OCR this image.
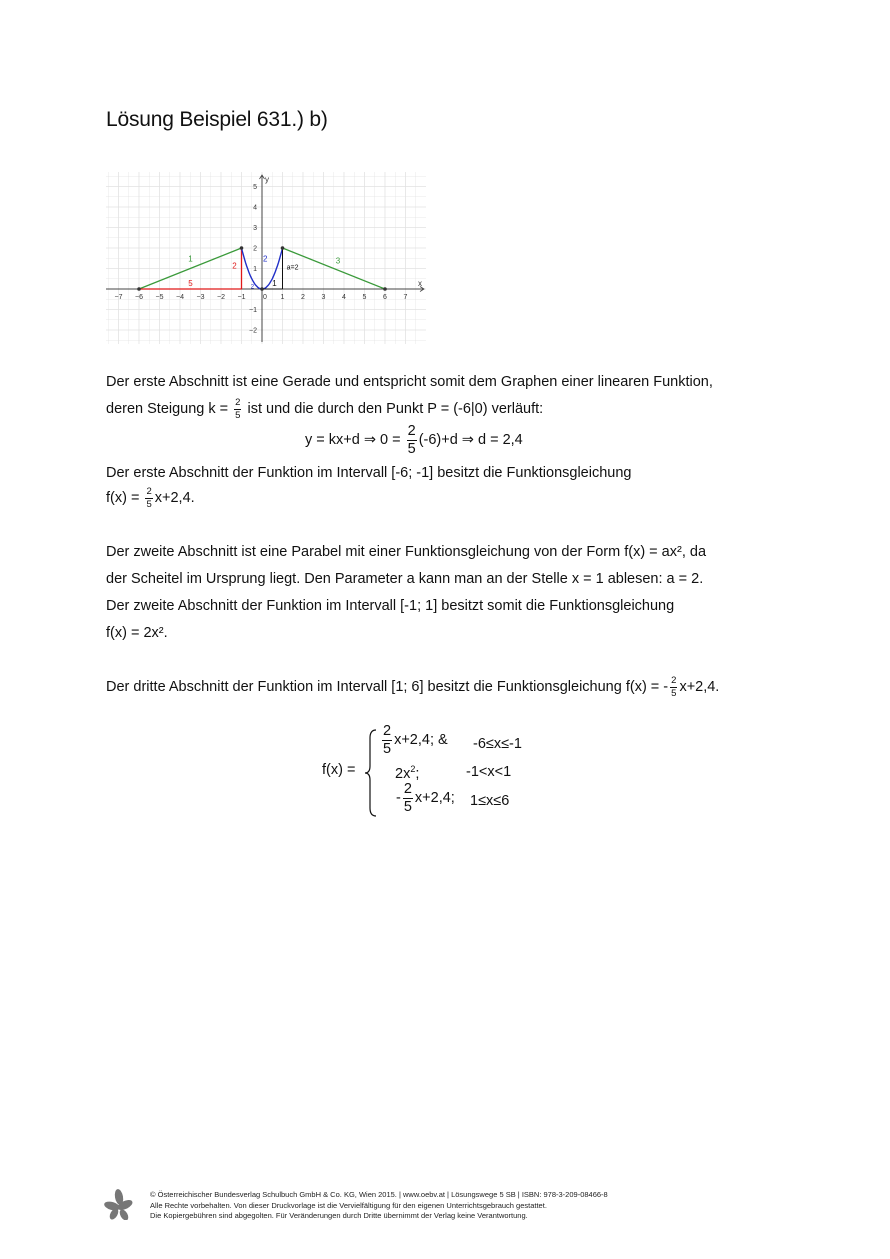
Lösung Beispiel 631.) b)
−7 −6 −5 −4 −3 −2 −1	0 1 2 3 4 5 6 7
1
2
3
4
5
−1
−2
x
y
1
2
5
2
1
2
a=2
3
Der erste Abschnitt ist eine Gerade und entspricht somit dem Graphen einer linearen Funktion,
deren Steigung $k = \frac{2}{5}$ ist und die durch den Punkt P = (-6|0) verläuft:
y = kx+d ⇒ $0 = \frac{2}{5} (-6)+d$ ⇒ d = 2,4
Der erste Abschnitt der Funktion im Intervall [-6; -1] besitzt die Funktionsgleichung
$f(x) = \frac{2}{5} x+2,4$.
Der zweite Abschnitt ist eine Parabel mit einer Funktionsgleichung von der Form f(x) = ax², da
der Scheitel im Ursprung liegt. Den Parameter a kann man an der Stelle x = 1 ablesen: a = 2.
Der zweite Abschnitt der Funktion im Intervall [-1; 1] besitzt somit die Funktionsgleichung
f(x) = 2x².
Der dritte Abschnitt der Funktion im Intervall [1; 6] besitzt die Funktionsgleichung f(x) = - $\frac{2}{5} x+2,4$.
f(x) =
$\frac{2}{5} x+2,4$; & -6≤x≤-1
$2x^2$;	-1<x<1
- $\frac{2}{5} x+2,4$; 1≤x≤6
© Österreichischer Bundesverlag Schulbuch GmbH & Co. KG, Wien 2015. | www.oebv.at | Lösungswege 5 SB | ISBN: 978-3-209-08466-8
Alle Rechte vorbehalten. Von dieser Druckvorlage ist die Vervielfältigung für den eigenen Unterrichtsgebrauch gestattet.
Die Kopiergebühren sind abgegolten. Für Veränderungen durch Dritte übernimmt der Verlag keine Verantwortung.
